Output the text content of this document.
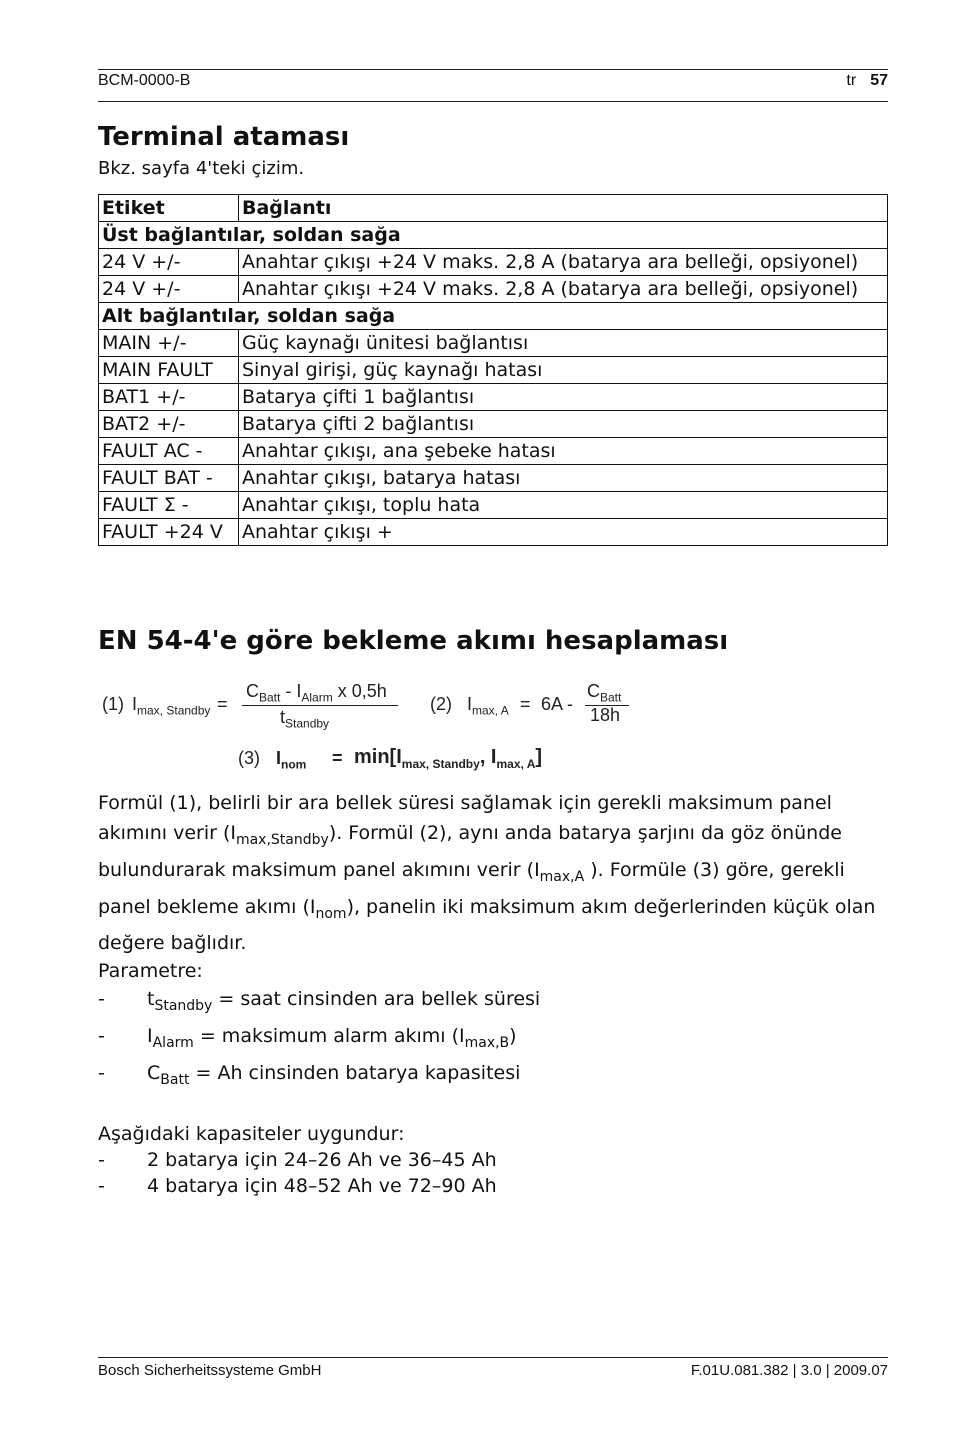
BCM-0000-B	tr 57
Terminal ataması
Bkz. sayfa 4'teki çizim.
Etiket	Bağlantı
Üst bağlantılar, soldan sağa	
24 V +/-	Anahtar çıkışı +24 V maks. 2,8 A (batarya ara belleği, opsiyonel)
24 V +/-	Anahtar çıkışı +24 V maks. 2,8 A (batarya ara belleği, opsiyonel)
Alt bağlantılar, soldan sağa	
MAIN +/-	Güç kaynağı ünitesi bağlantısı
MAIN FAULT	Sinyal girişi, güç kaynağı hatası
BAT1 +/-	Batarya çifti 1 bağlantısı
BAT2 +/-	Batarya çifti 2 bağlantısı
FAULT AC -	Anahtar çıkışı, ana şebeke hatası
FAULT BAT -	Anahtar çıkışı, batarya hatası
FAULT Σ -	Anahtar çıkışı, toplu hata
FAULT +24 V	Anahtar çıkışı +
EN 54-4'e göre bekleme akımı hesaplaması
(1) $I_{max, Standby}$ =
$C_{Batt} - I_{Alarm}$ x 0,5h
$t_{Standby}$
(2) $I_{max, A} = 6A$ -
$C_{Batt}$
18h
(3) $I_{nom} = \min[I_{max, Standby}$, $I_{max, A}$]

Formül (1), belirli bir ara bellek süresi sağlamak için gerekli maksimum panel akımını verir $(I_{max,Standby})$. Formül (2), aynı anda batarya şarjını da göz önünde bulundurarak maksimum panel akımını verir ($I_{max,A}$ ). Formüle (3) göre, gerekli panel bekleme akımı $(I_{nom})$, panelin iki maksimum akım değerlerinden küçük olan değere bağlıdır.

Parametre:

- $t_{Standby}$ = saat cinsinden ara bellek süresi
- $I_{Alarm}$ = maksimum alarm akımı $(I_{max,B})$
- $C_{Batt} = Ah$ cinsinden batarya kapasitesi

Aşağıdaki kapasiteler uygundur:

- 2 batarya için 24–26 Ah ve 36–45 Ah
- 4 batarya için 48–52 Ah ve 72–90 Ah
Bosch Sicherheitssysteme GmbH	F.01U.081.382 | 3.0 | 2009.07
